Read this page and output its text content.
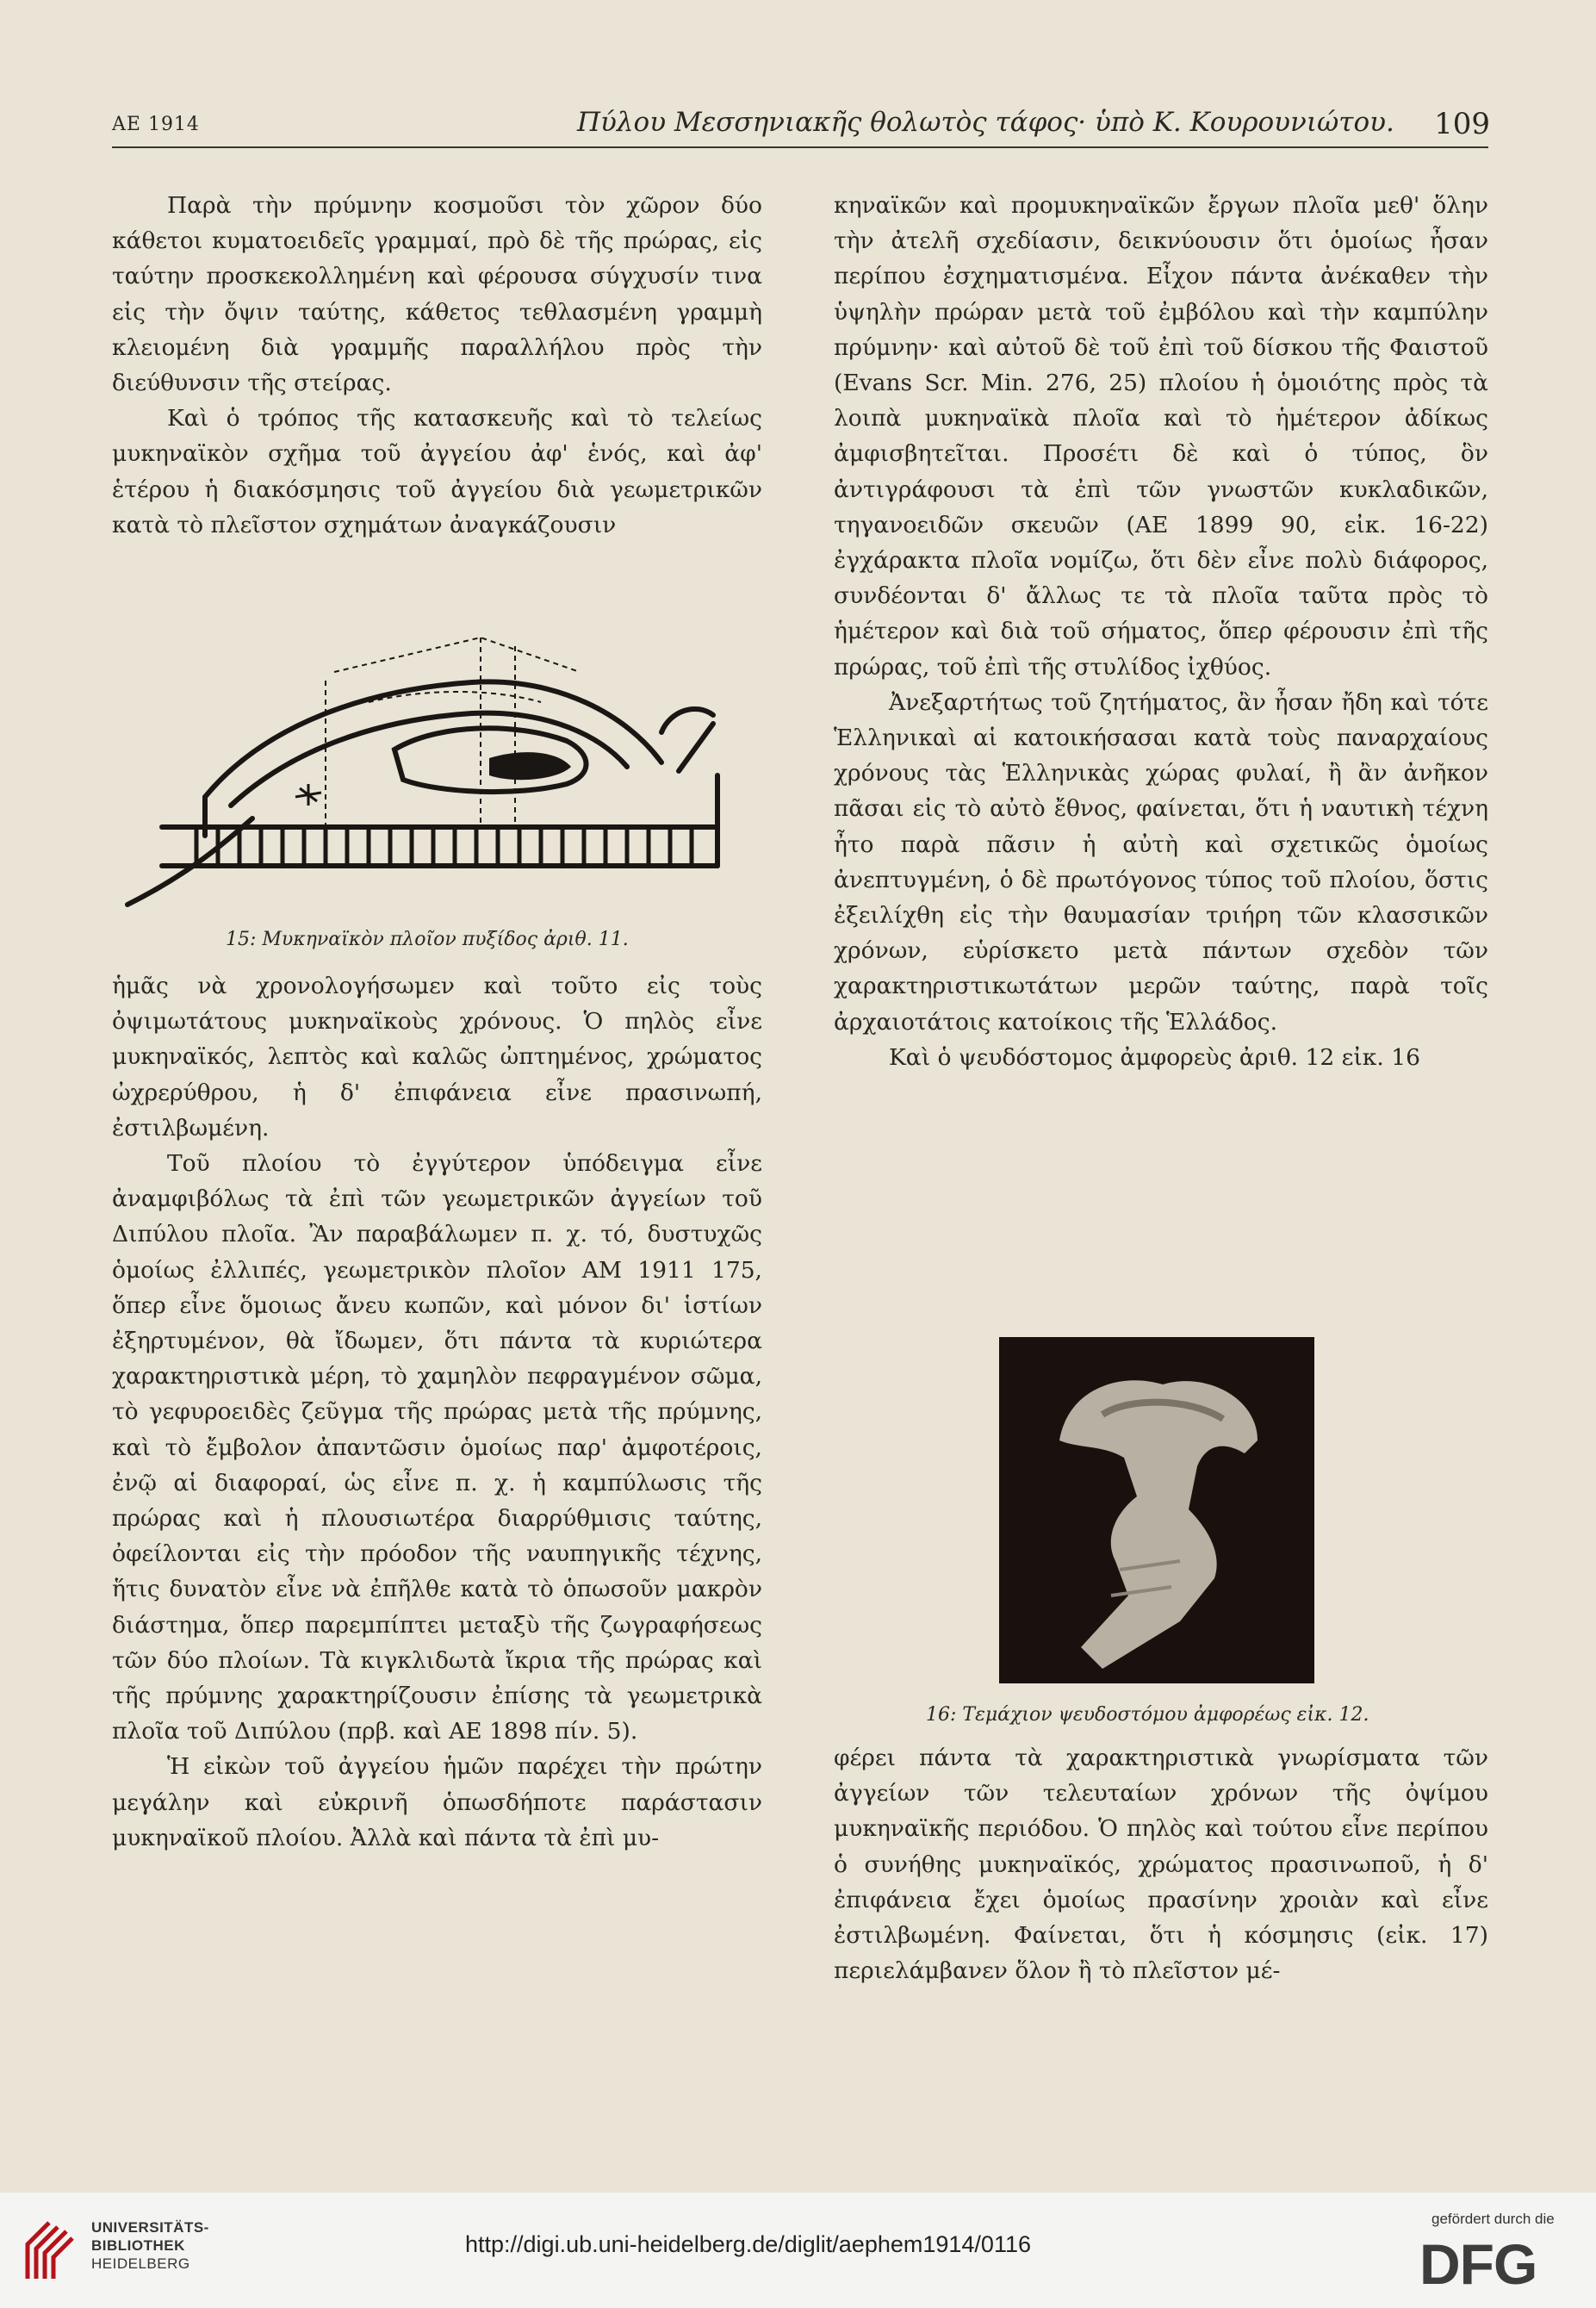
ΑΕ 1914	Πύλου Μεσσηνιακῆς θολωτὸς τάφος· ὑπὸ Κ. Κουρουνιώτου. 109

Παρὰ τὴν πρύμνην κοσμοῦσι τὸν χῶρον δύο κάθετοι κυματοειδεῖς γραμμαί, πρὸ δὲ τῆς πρώρας, εἰς ταύτην προσκεκολλημένη καὶ φέρουσα σύγχυσίν τινα εἰς τὴν ὄψιν ταύτης, κάθετος τεθλασμένη γραμμὴ κλειομένη διὰ γραμμῆς παραλλήλου πρὸς τὴν διεύθυνσιν τῆς στείρας.

Καὶ ὁ τρόπος τῆς κατασκευῆς καὶ τὸ τελείως μυκηναϊκὸν σχῆμα τοῦ ἀγγείου ἀφ' ἑνός, καὶ ἀφ' ἑτέρου ἡ διακόσμησις τοῦ ἀγγείου διὰ γεωμετρικῶν κατὰ τὸ πλεῖστον σχημάτων ἀναγκάζουσιν

15: Μυκηναϊκὸν πλοῖον πυξίδος ἀριθ. 11.

ἡμᾶς νὰ χρονολογήσωμεν καὶ τοῦτο εἰς τοὺς ὀψιμωτάτους μυκηναϊκοὺς χρόνους. Ὁ πηλὸς εἶνε μυκηναϊκός, λεπτὸς καὶ καλῶς ὠπτημένος, χρώματος ὠχρερύθρου, ἡ δ' ἐπιφάνεια εἶνε πρασινωπή, ἐστιλβωμένη.

Τοῦ πλοίου τὸ ἐγγύτερον ὑπόδειγμα εἶνε ἀναμφιβόλως τὰ ἐπὶ τῶν γεωμετρικῶν ἀγγείων τοῦ Διπύλου πλοῖα. Ἂν παραβάλωμεν π. χ. τό, δυστυχῶς ὁμοίως ἐλλιπές, γεωμετρικὸν πλοῖον ΑΜ 1911 175, ὅπερ εἶνε ὅμοιως ἄνευ κωπῶν, καὶ μόνον δι' ἱστίων ἐξηρτυμένον, θὰ ἴδωμεν, ὅτι πάντα τὰ κυριώτερα χαρακτηριστικὰ μέρη, τὸ χαμηλὸν πεφραγμένον σῶμα, τὸ γεφυροειδὲς ζεῦγμα τῆς πρώρας μετὰ τῆς πρύμνης, καὶ τὸ ἔμβολον ἀπαντῶσιν ὁμοίως παρ' ἀμφοτέροις, ἐνῷ αἱ διαφοραί, ὡς εἶνε π. χ. ἡ καμπύλωσις τῆς πρώρας καὶ ἡ πλουσιωτέρα διαρρύθμισις ταύτης, ὀφείλονται εἰς τὴν πρόοδον τῆς ναυπηγικῆς τέχνης, ἥτις δυνατὸν εἶνε νὰ ἐπῆλθε κατὰ τὸ ὁπωσοῦν μακρὸν διάστημα, ὅπερ παρεμπίπτει μεταξὺ τῆς ζωγραφήσεως τῶν δύο πλοίων. Τὰ κιγκλιδωτὰ ἴκρια τῆς πρώρας καὶ τῆς πρύμνης χαρακτηρίζουσιν ἐπίσης τὰ γεωμετρικὰ πλοῖα τοῦ Διπύλου (πρβ. καὶ ΑΕ 1898 πίν. 5).

Ἡ εἰκὼν τοῦ ἀγγείου ἡμῶν παρέχει τὴν πρώτην μεγάλην καὶ εὐκρινῆ ὁπωσδήποτε παράστασιν μυκηναϊκοῦ πλοίου. Ἀλλὰ καὶ πάντα τὰ ἐπὶ μυ-

κηναϊκῶν καὶ προμυκηναϊκῶν ἔργων πλοῖα μεθ' ὅλην τὴν ἀτελῆ σχεδίασιν, δεικνύουσιν ὅτι ὁμοίως ἦσαν περίπου ἐσχηματισμένα. Εἶχον πάντα ἀνέκαθεν τὴν ὑψηλὴν πρώραν μετὰ τοῦ ἐμβόλου καὶ τὴν καμπύλην πρύμνην· καὶ αὐτοῦ δὲ τοῦ ἐπὶ τοῦ δίσκου τῆς Φαιστοῦ (Evans Scr. Min. 276, 25) πλοίου ἡ ὁμοιότης πρὸς τὰ λοιπὰ μυκηναϊκὰ πλοῖα καὶ τὸ ἡμέτερον ἀδίκως ἀμφισβητεῖται. Προσέτι δὲ καὶ ὁ τύπος, ὃν ἀντιγράφουσι τὰ ἐπὶ τῶν γνωστῶν κυκλαδικῶν, τηγανοειδῶν σκευῶν (ΑΕ 1899 90, εἰκ. 16-22) ἐγχάρακτα πλοῖα νομίζω, ὅτι δὲν εἶνε πολὺ διάφορος, συνδέονται δ' ἄλλως τε τὰ πλοῖα ταῦτα πρὸς τὸ ἡμέτερον καὶ διὰ τοῦ σήματος, ὅπερ φέρουσιν ἐπὶ τῆς πρώρας, τοῦ ἐπὶ τῆς στυλίδος ἰχθύος.

Ἀνεξαρτήτως τοῦ ζητήματος, ἂν ἦσαν ἤδη καὶ τότε Ἑλληνικαὶ αἱ κατοικήσασαι κατὰ τοὺς παναρχαίους χρόνους τὰς Ἑλληνικὰς χώρας φυλαί, ἢ ἂν ἀνῆκον πᾶσαι εἰς τὸ αὐτὸ ἔθνος, φαίνεται, ὅτι ἡ ναυτικὴ τέχνη ἦτο παρὰ πᾶσιν ἡ αὐτὴ καὶ σχετικῶς ὁμοίως ἀνεπτυγμένη, ὁ δὲ πρωτόγονος τύπος τοῦ πλοίου, ὅστις ἐξειλίχθη εἰς τὴν θαυμασίαν τριήρη τῶν κλασσικῶν χρόνων, εὑρίσκετο μετὰ πάντων σχεδὸν τῶν χαρακτηριστικωτάτων μερῶν ταύτης, παρὰ τοῖς ἀρχαιοτάτοις κατοίκοις τῆς Ἑλλάδος.

Καὶ ὁ ψευδόστομος ἀμφορεὺς ἀριθ. 12 εἰκ. 16

16: Τεμάχιον ψευδοστόμου ἀμφορέως εἰκ. 12.

φέρει πάντα τὰ χαρακτηριστικὰ γνωρίσματα τῶν ἀγγείων τῶν τελευταίων χρόνων τῆς ὀψίμου μυκηναϊκῆς περιόδου. Ὁ πηλὸς καὶ τούτου εἶνε περίπου ὁ συνήθης μυκηναϊκός, χρώματος πρασινωποῦ, ἡ δ' ἐπιφάνεια ἔχει ὁμοίως πρασίνην χροιὰν καὶ εἶνε ἐστιλβωμένη. Φαίνεται, ὅτι ἡ κόσμησις (εἰκ. 17) περιελάμβανεν ὅλον ἢ τὸ πλεῖστον μέ-

UNIVERSITÄTS-
BIBLIOTHEK
HEIDELBERG
http://digi.ub.uni-heidelberg.de/diglit/aephem1914/0116
gefördert durch die
DFG
